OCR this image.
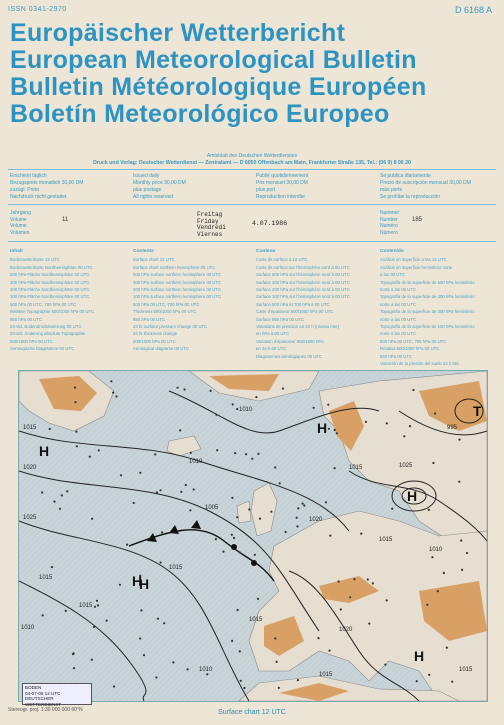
ISSN 0341-2970	D 6168 A
Europäischer Wetterbericht
European Meteorological Bulletin
Bulletin Météorologique Européen
Boletín Meteorológico Europeo
Amtsblatt des Deutschen Wetterdienstes
Druck und Verlag: Deutscher Wetterdienst — Zentralamt — D 6050 Offenbach am Main, Frankfurter Straße 135, Tel.: (06 9) 8 06 20
Erscheint täglich
Bezugspreis monatlich 30,00 DM
zuzügl. Porto
Nachdruck nicht gestattet
Issued daily
Monthly price 30,00 DM
plus postage
All rights reserved
Publié quotidiennement
Prix mensuel 30,00 DM
plus port
Reproduction interdite
Se publica diariamente
Precio de suscripción mensual 30,00 DM
más porte
Se prohíbe la reproducción
Jahrgang
Volume
Volume
Volumen
11
Freitag
Friday
Vendredi
Viernes
4.07.1986
Nummer
Number
Numéro
Número
185
Inhalt
Bodenwetterkarte 12 UTC
Bodenwetterkarte Nordhemisphäre 00 UTC
500 hPa-Fläche Nordhemisphäre 00 UTC
300 hPa-Fläche Nordhemisphäre 00 UTC
200 hPa-Fläche Nordhemisphäre 00 UTC
100 hPa-Fläche Nordhemisphäre 00 UTC
500 hPa 00 UTC, 700 hPa 00 UTC
Relative Topographie 500/1000 hPa 00 UTC
850 hPa 00 UTC
24-std. Bodendruckänderung 00 UTC
24-std. Änderung absolute Topographie
500/1000 hPa 00 UTC
Aerologische Diagramme 00 UTC
Contents
Surface chart 12 UTC
Surface chart northern hemisphere 00 UTC
500 hPa surface northern hemisphere 00 UTC
300 hPa surface northern hemisphere 00 UTC
200 hPa surface northern hemisphere 00 UTC
100 hPa surface northern hemisphere 00 UTC
500 hPa 00 UTC, 700 hPa 00 UTC
Thickness 500/1000 hPa 00 UTC
850 hPa 00 UTC
24 hr surface pressure change 00 UTC
24 hr thickness change
500/1000 hPa 00 UTC
Aerological diagrams 00 UTC
Contenu
Carte de surface à 12 UTC
Carte de surface sur l'hémisphère nord à 00 UTC
Surface 500 hPa sur l'hémisphère nord à 00 UTC
Surface 300 hPa sur l'hémisphère nord à 00 UTC
Surface 200 hPa sur l'hémisphère nord à 00 UTC
Surface 100 hPa sur l'hémisphère nord à 00 UTC
Surface 500 hPa et 700 hPa à 00 UTC
Carte d'épaisseur 500/1000 hPa 00 UTC
Surface 850 hPa 00 UTC
Variations de pression en 24 h (niveau mer)
en hPa à 00 UTC
Variation d'épaisseur 500/1000 hPa
en 24 h 00 UTC
Diagrammes aérologiques 00 UTC
Contenido
Análisis en superficie a las 12 UTC
Análisis en superficie hemisferio norte
a las 00 UTC
Topografía de la superficie de 500 hPa hemisferio
norte a las 00 UTC
Topografía de la superficie de 300 hPa hemisferio
norte a las 00 UTC
Topografía de la superficie de 200 hPa hemisferio
norte a las 00 UTC
Topografía de la superficie de 100 hPa hemisferio
norte a las 00 UTC
500 hPa 00 UTC, 700 hPa 00 UTC
Relativa 500/1000 hPa 00 UTC
850 hPa 00 UTC
Variación de la presión del suelo 24 h hta.
H
H
H
H
H
T
H
1015
1020
1025
1015
1010
1005
1015
1010
1020
1025
1015
1020
995
1015
1010
1015
1010
1015
1015
1015
1010
BODEN
04-07-06 12 UTC
DEUTSCHER WETTERDIENST
Stereogr. proj. 1:30 000 000 60°N	Surface chart 12 UTC
